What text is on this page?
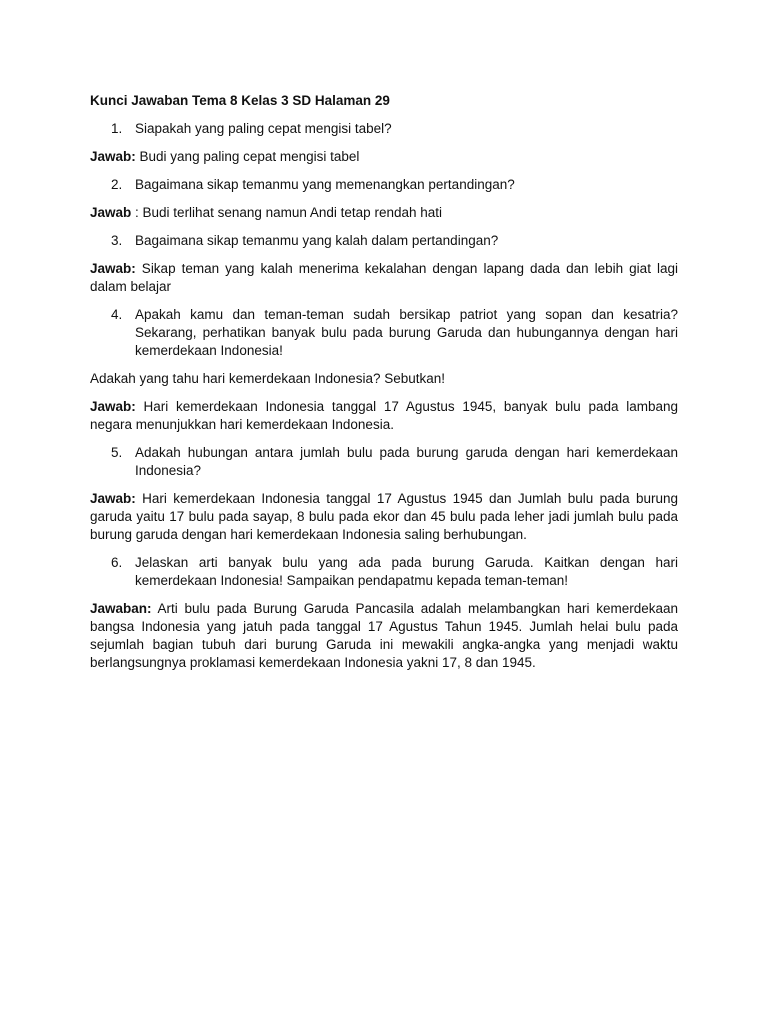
Kunci Jawaban Tema 8 Kelas 3 SD Halaman 29
1. Siapakah yang paling cepat mengisi tabel?
Jawab: Budi yang paling cepat mengisi tabel
2. Bagaimana sikap temanmu yang memenangkan pertandingan?
Jawab : Budi terlihat senang namun Andi tetap rendah hati
3. Bagaimana sikap temanmu yang kalah dalam pertandingan?
Jawab: Sikap teman yang kalah menerima kekalahan dengan lapang dada dan lebih giat lagi dalam belajar
4. Apakah kamu dan teman-teman sudah bersikap patriot yang sopan dan kesatria? Sekarang, perhatikan banyak bulu pada burung Garuda dan hubungannya dengan hari kemerdekaan Indonesia!
Adakah yang tahu hari kemerdekaan Indonesia? Sebutkan!
Jawab: Hari kemerdekaan Indonesia tanggal 17 Agustus 1945, banyak bulu pada lambang negara menunjukkan hari kemerdekaan Indonesia.
5. Adakah hubungan antara jumlah bulu pada burung garuda dengan hari kemerdekaan Indonesia?
Jawab: Hari kemerdekaan Indonesia tanggal 17 Agustus 1945 dan Jumlah bulu pada burung garuda yaitu 17 bulu pada sayap, 8 bulu pada ekor dan 45 bulu pada leher jadi jumlah bulu pada burung garuda dengan hari kemerdekaan Indonesia saling berhubungan.
6. Jelaskan arti banyak bulu yang ada pada burung Garuda. Kaitkan dengan hari kemerdekaan Indonesia! Sampaikan pendapatmu kepada teman-teman!
Jawaban: Arti bulu pada Burung Garuda Pancasila adalah melambangkan hari kemerdekaan bangsa Indonesia yang jatuh pada tanggal 17 Agustus Tahun 1945. Jumlah helai bulu pada sejumlah bagian tubuh dari burung Garuda ini mewakili angka-angka yang menjadi waktu berlangsungnya proklamasi kemerdekaan Indonesia yakni 17, 8 dan 1945.
